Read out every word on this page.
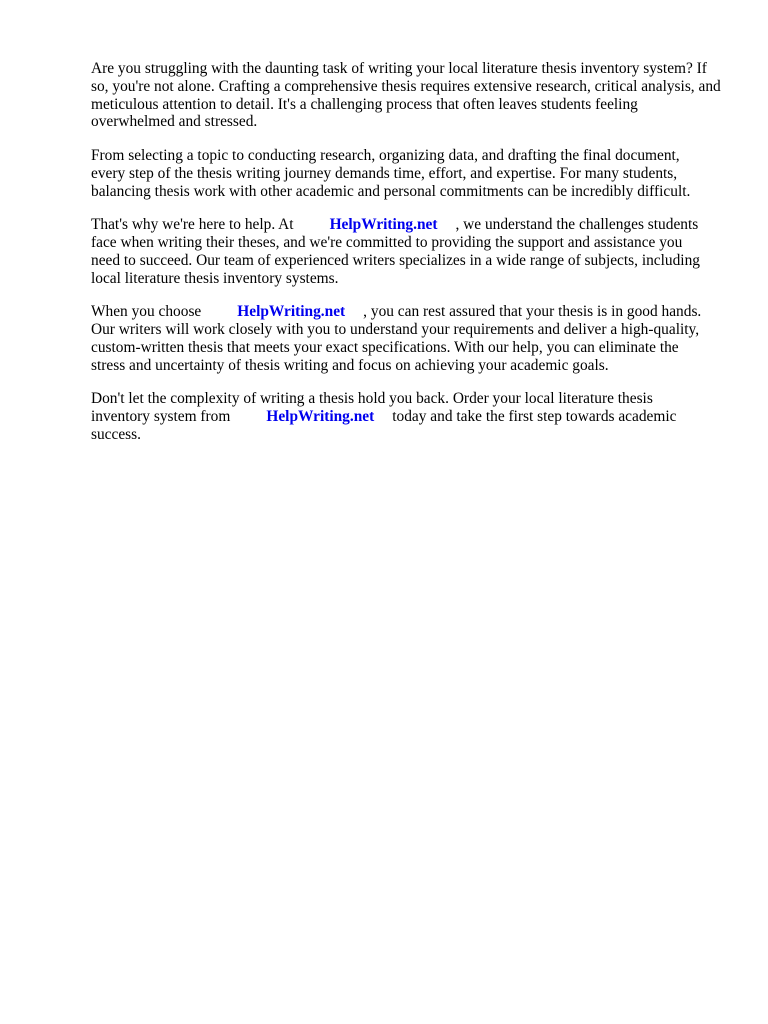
Are you struggling with the daunting task of writing your local literature thesis inventory system? If
so, you're not alone. Crafting a comprehensive thesis requires extensive research, critical analysis, and
meticulous attention to detail. It's a challenging process that often leaves students feeling
overwhelmed and stressed.

From selecting a topic to conducting research, organizing data, and drafting the final document,
every step of the thesis writing journey demands time, effort, and expertise. For many students,
balancing thesis work with other academic and personal commitments can be incredibly difficult.

That's why we're here to help. At HelpWriting.net , we understand the challenges students
face when writing their theses, and we're committed to providing the support and assistance you
need to succeed. Our team of experienced writers specializes in a wide range of subjects, including
local literature thesis inventory systems.

When you choose HelpWriting.net , you can rest assured that your thesis is in good hands.
Our writers will work closely with you to understand your requirements and deliver a high-quality,
custom-written thesis that meets your exact specifications. With our help, you can eliminate the
stress and uncertainty of thesis writing and focus on achieving your academic goals.

Don't let the complexity of writing a thesis hold you back. Order your local literature thesis
inventory system from HelpWriting.net today and take the first step towards academic
success.
